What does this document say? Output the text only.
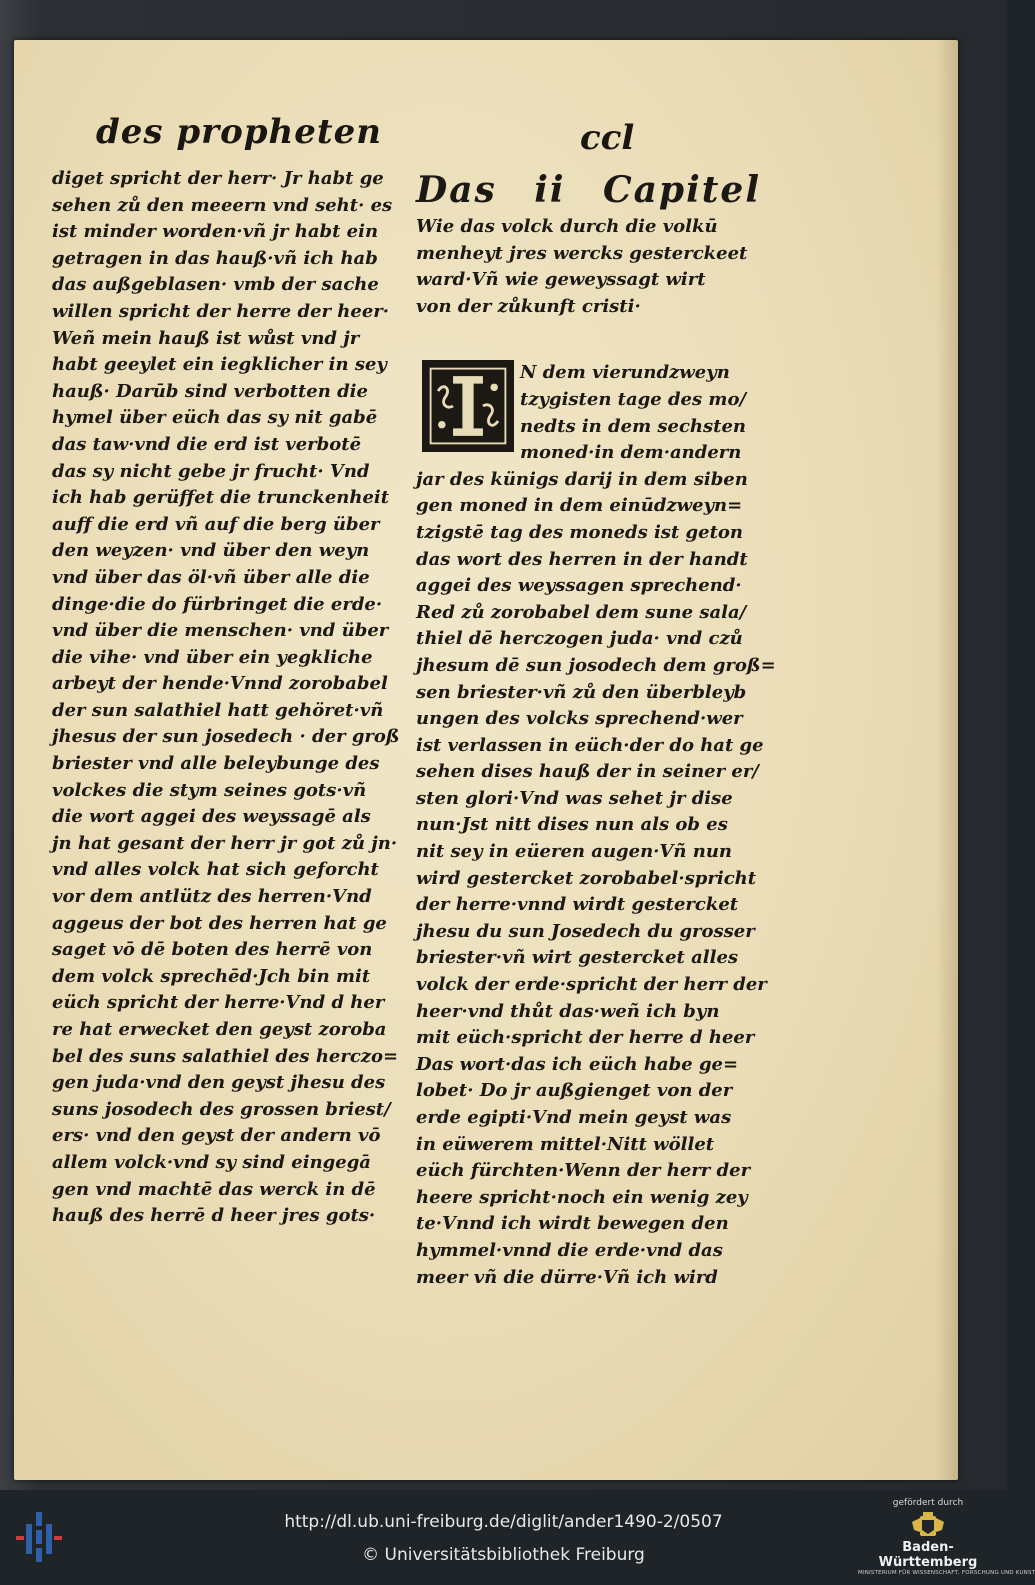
des propheten	ccl
diget spricht der herr· Jr habt ge
sehen zů den meeern vnd seht· es
ist minder worden·vñ jr habt ein
getragen in das hauß·vñ ich hab
das außgeblasen· vmb der sache
willen spricht der herre der heer·
Weñ mein hauß ist wůst vnd jr
habt geeylet ein iegklicher in sey
hauß· Darūb sind verbotten die
hymel über eüch das sy nit gabē
das taw·vnd die erd ist verbotē
das sy nicht gebe jr frucht· Vnd
ich hab gerüffet die trunckenheit
auff die erd vñ auf die berg über
den weyzen· vnd über den weyn
vnd über das öl·vñ über alle die
dinge·die do fürbringet die erde·
vnd über die menschen· vnd über
die vihe· vnd über ein yegkliche
arbeyt der hende·Vnnd zorobabel
der sun salathiel hatt gehöret·vñ
jhesus der sun josedech · der groß
briester vnd alle beleybunge des
volckes die stym seines gots·vñ
die wort aggei des weyssagē als
jn hat gesant der herr jr got zů jn·
vnd alles volck hat sich geforcht
vor dem antlütz des herren·Vnd
aggeus der bot des herren hat ge
saget vō dē boten des herrē von
dem volck sprechēd·Jch bin mit
eüch spricht der herre·Vnd d her
re hat erwecket den geyst zoroba
bel des suns salathiel des herczo=
gen juda·vnd den geyst jhesu des
suns josodech des grossen briest/
ers· vnd den geyst der andern vō
allem volck·vnd sy sind eingegā
gen vnd machtē das werck in dē
hauß des herrē d heer jres gots·
Das ii Capitel
Wie das volck durch die volkū
menheyt jres wercks gesterckeet
ward·Vñ wie geweyssagt wirt
von der zůkunft cristi·
N dem vierundzweyn
tzygisten tage des mo/
nedts in dem sechsten
moned·in dem·andern
jar des künigs darij in dem siben
gen moned in dem einūdzweyn=
tzigstē tag des moneds ist geton
das wort des herren in der handt
aggei des weyssagen sprechend·
Red zů zorobabel dem sune sala/
thiel dē herczogen juda· vnd czů
jhesum dē sun josodech dem groß=
sen briester·vñ zů den überbleyb
ungen des volcks sprechend·wer
ist verlassen in eüch·der do hat ge
sehen dises hauß der in seiner er/
sten glori·Vnd was sehet jr dise
nun·Jst nitt dises nun als ob es
nit sey in eüeren augen·Vñ nun
wird gestercket zorobabel·spricht
der herre·vnnd wirdt gestercket
jhesu du sun Josedech du grosser
briester·vñ wirt gestercket alles
volck der erde·spricht der herr der
heer·vnd thůt das·weñ ich byn
mit eüch·spricht der herre d heer
Das wort·das ich eüch habe ge=
lobet· Do jr außgienget von der
erde egipti·Vnd mein geyst was
in eüwerem mittel·Nitt wöllet
eüch fürchten·Wenn der herr der
heere spricht·noch ein wenig zey
te·Vnnd ich wirdt bewegen den
hymmel·vnnd die erde·vnd das
meer vñ die dürre·Vñ ich wird
http://dl.ub.uni-freiburg.de/diglit/ander1490-2/0507
© Universitätsbibliothek Freiburg
gefördert durch
Baden-Württemberg
MINISTERIUM FÜR WISSENSCHAFT, FORSCHUNG UND KUNST
